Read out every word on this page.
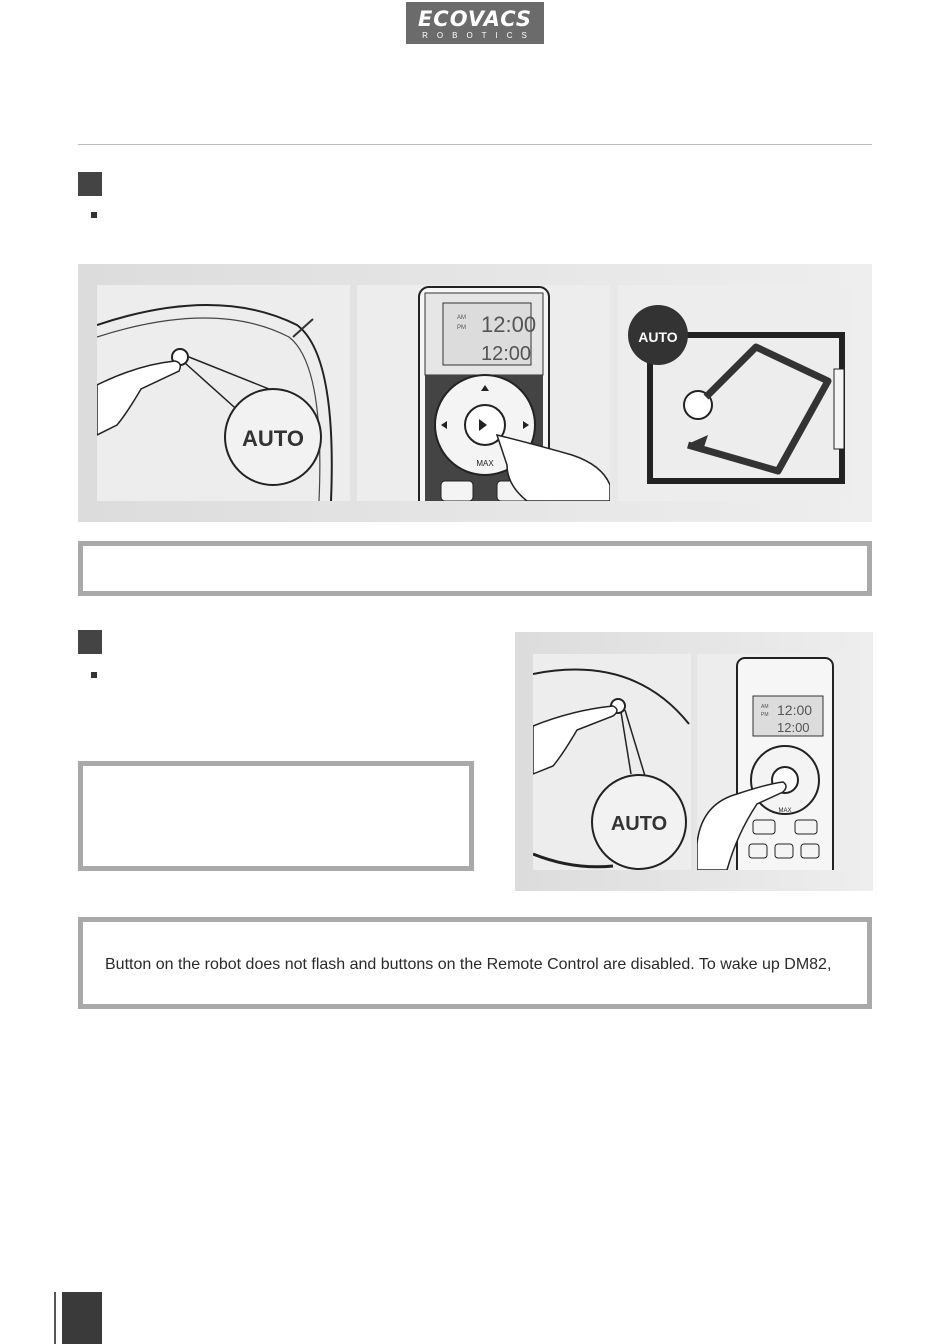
ECOVACS
ROBOTICS
AUTO
AM
PM 12:00
12:00
MAX
AUTO
AUTO
AM
PM 12:00
12:00
MAX
Button on the robot does not flash and buttons on the Remote Control are disabled. To wake up DM82,
